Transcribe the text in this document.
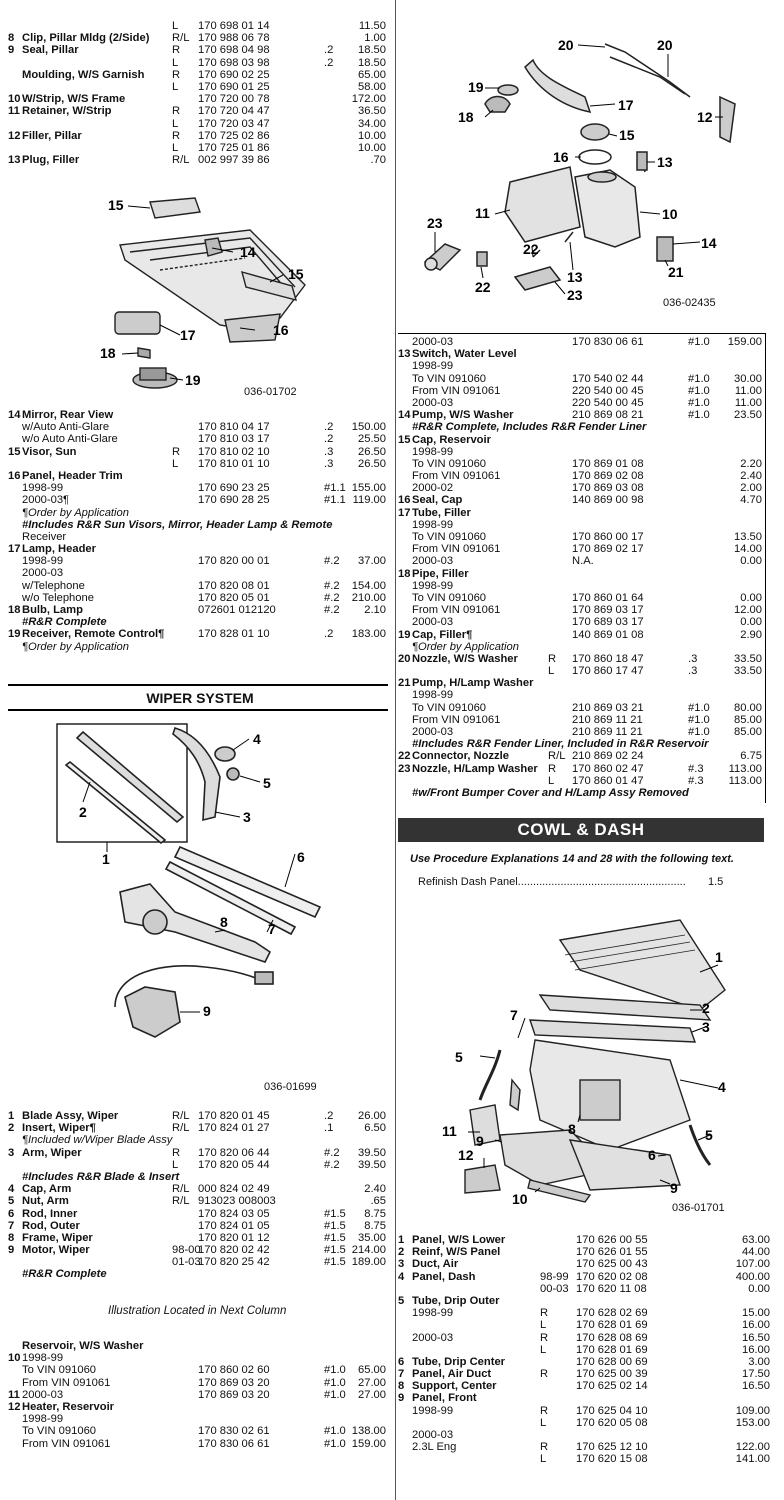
L 170 698 01 14	11.50
8 Clip, Pillar Mldg (2/Side) R/L 170 988 06 78	1.00
9 Seal, Pillar	R 170 698 04 98	.2 18.50
L 170 698 03 98	.2 18.50
Moulding, W/S Garnish R 170 690 02 25	65.00
L 170 690 01 25	58.00
10 W/Strip, W/S Frame	170 720 00 78	172.00
11 Retainer, W/Strip	R 170 720 04 47	36.50
L 170 720 03 47	34.00
12 Filler, Pillar	R 170 725 02 86	10.00
L 170 725 01 86	10.00
13 Plug, Filler	R/L 002 997 39 86	.70
14 Mirror, Rear View
w/Auto Anti-Glare	170 810 04 17	.2 150.00
w/o Auto Anti-Glare	170 810 03 17	.2 25.50
15 Visor, Sun	R 170 810 02 10	.3 26.50
L 170 810 01 10	.3 26.50
16 Panel, Header Trim
1998-99	170 690 23 25	#1.1 155.00
2000-03¶	170 690 28 25	#1.1 119.00
¶Order by Application
#Includes R&R Sun Visors, Mirror, Header Lamp & Remote
Receiver
17 Lamp, Header
1998-99	170 820 00 01	#.2 37.00
2000-03
w/Telephone	170 820 08 01	#.2 154.00
w/o Telephone	170 820 05 01	#.2 210.00
18 Bulb, Lamp	072601 012120	#.2 2.10
#R&R Complete
19 Receiver, Remote Control¶	170 828 01 10	.2 183.00
¶Order by Application
1 Blade Assy, Wiper	R/L 170 820 01 45	.2 26.00
2 Insert, Wiper¶	R/L 170 824 01 27	.1	6.50
¶Included w/Wiper Blade Assy
3 Arm, Wiper	R 170 820 06 44	#.2 39.50
L 170 820 05 44	#.2 39.50
#Includes R&R Blade & Insert
4 Cap, Arm	R/L 000 824 02 49	2.40
5 Nut, Arm	R/L 913023 008003	.65
6 Rod, Inner	170 824 03 05	#1.5 8.75
7 Rod, Outer	170 824 01 05	#1.5 8.75
8 Frame, Wiper	170 820 01 12	#1.5 35.00
9 Motor, Wiper	98-00
170 820 02 42	#1.5 214.00
01-03
170 820 25 42	#1.5 189.00
#R&R Complete
Reservoir, W/S Washer
10 1998-99
To VIN 091060	170 860 02 60	#1.0 65.00
From VIN 091061	170 869 03 20	#1.0 27.00
11 2000-03	170 869 03 20	#1.0 27.00
12 Heater, Reservoir
1998-99
To VIN 091060	170 830 02 61	#1.0 138.00
From VIN 091061	170 830 06 61	#1.0 159.00
WIPER SYSTEM
Illustration Located in Next Column
2000-03	170 830 06 61	#1.0 159.00
13 Switch, Water Level
1998-99
To VIN 091060	170 540 02 44	#1.0 30.00
From VIN 091061	220 540 00 45	#1.0 11.00
2000-03	220 540 00 45	#1.0 11.00
14 Pump, W/S Washer	210 869 08 21	#1.0 23.50
#R&R Complete, Includes R&R Fender Liner
15 Cap, Reservoir
1998-99
To VIN 091060	170 869 01 08	2.20
From VIN 091061	170 869 02 08	2.40
2000-02	170 869 03 08	2.00
16 Seal, Cap	140 869 00 98	4.70
17 Tube, Filler
1998-99
To VIN 091060	170 860 00 17	13.50
From VIN 091061	170 869 02 17	14.00
2000-03	N.A.	0.00
18 Pipe, Filler
1998-99
To VIN 091060	170 860 01 64	0.00
From VIN 091061	170 869 03 17	12.00
2000-03	170 689 03 17	0.00
19 Cap, Filler¶	140 869 01 08	2.90
¶Order by Application
20 Nozzle, W/S Washer	R 170 860 18 47	.3	33.50
L 170 860 17 47	.3	33.50
21 Pump, H/Lamp Washer
1998-99
To VIN 091060	210 869 03 21	#1.0 80.00
From VIN 091061	210 869 11 21	#1.0 85.00
2000-03	210 869 11 21	#1.0 85.00
#Includes R&R Fender Liner, Included in R&R Reservoir
22 Connector, Nozzle	R/L 210 869 02 24	6.75
23 Nozzle, H/Lamp Washer R 170 860 02 47	#.3 113.00
L 170 860 01 47	#.3 113.00
#w/Front Bumper Cover and H/Lamp Assy Removed
1 Panel, W/S Lower	170 626 00 55	63.00
2 Reinf, W/S Panel	170 626 01 55	44.00
3 Duct, Air	170 625 00 43	107.00
4 Panel, Dash	98-99 170 620 02 08	400.00
00-03 170 620 11 08	0.00
5 Tube, Drip Outer
1998-99	R 170 628 02 69	15.00
L	170 628 01 69	16.00
2000-03	R 170 628 08 69	16.50
L	170 628 01 69	16.00
6 Tube, Drip Center	170 628 00 69	3.00
7 Panel, Air Duct	R 170 625 00 39	17.50
8 Support, Center	170 625 02 14	16.50
9 Panel, Front
1998-99	R 170 625 04 10	109.00
L	170 620 05 08	153.00
2000-03
2.3L Eng	R 170 625 12 10	122.00
L	170 620 15 08	141.00
COWL & DASH
Use Procedure Explanations 14 and 28 with the following text.
Refinish Dash Panel....................................................... 1.5
15
14
15
17	16
18
19
036-01702
4
5
2	3
1	6
7
8
9
036-01699
20	20
19
17
12
18
15
16	13
11	10
14
23
22
13	21
22	23	036-02435
1
7	2
5
3
4
11	8	5
9
6
12
9
10
036-01701
